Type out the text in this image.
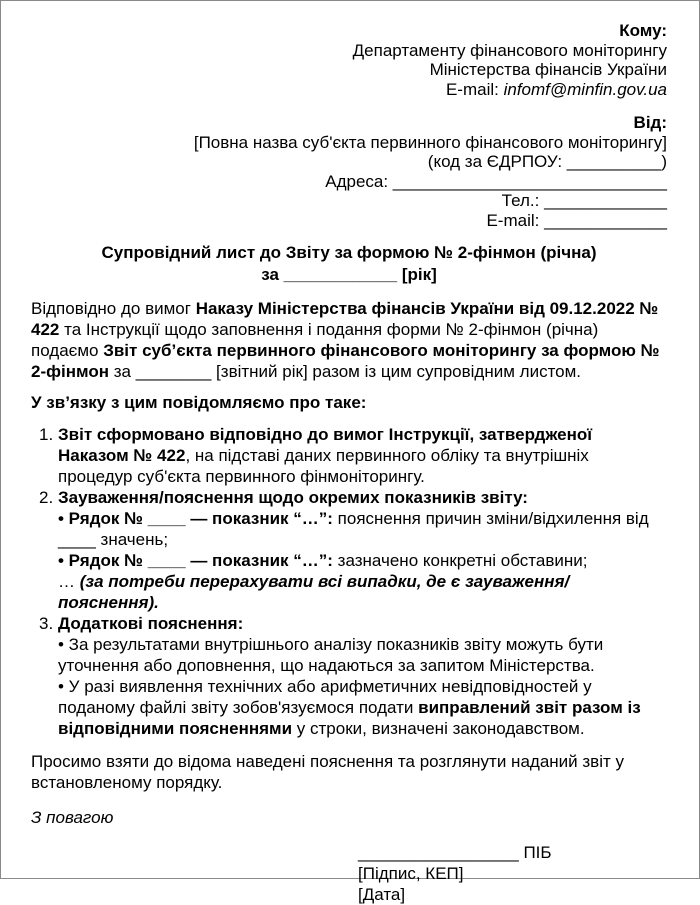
Кому:
Департаменту фінансового моніторингу
Міністерства фінансів України
E-mail: infomf@minfin.gov.ua
Від:
[Повна назва суб'єкта первинного фінансового моніторингу]
(код за ЄДРПОУ: __________)
Адреса: _____________________________
Тел.: _____________
E-mail: _____________
Супровідний лист до Звіту за формою № 2-фінмон (річна)
за ____________ [рік]

Відповідно до вимог Наказу Міністерства фінансів України від 09.12.2022 № 422 та Інструкції щодо заповнення і подання форми № 2-фінмон (річна) подаємо Звіт суб’єкта первинного фінансового моніторингу за формою № 2-фінмон за ________ [звітний рік] разом із цим супровідним листом.

У зв’язку з цим повідомляємо про таке:

1. Звіт сформовано відповідно до вимог Інструкції, затвердженої Наказом № 422, на підставі даних первинного обліку та внутрішніх процедур суб'єкта первинного фінмоніторингу.
2. Зауваження/пояснення щодо окремих показників звіту:
• Рядок № ____ — показник “…”: пояснення причин зміни/відхилення від ____ значень;
• Рядок № ____ — показник “…”: зазначено конкретні обставини;
… (за потреби перерахувати всі випадки, де є зауваження/пояснення).
3. Додаткові пояснення:
• За результатами внутрішнього аналізу показників звіту можуть бути уточнення або доповнення, що надаються за запитом Міністерства.
• У разі виявлення технічних або арифметичних невідповідностей у поданому файлі звіту зобов'язуємося подати виправлений звіт разом із відповідними поясненнями у строки, визначені законодавством.

Просимо взяти до відома наведені пояснення та розглянути наданий звіт у встановленому порядку.

З повагою

_________________ ПІБ
[Підпис, КЕП]
[Дата]
